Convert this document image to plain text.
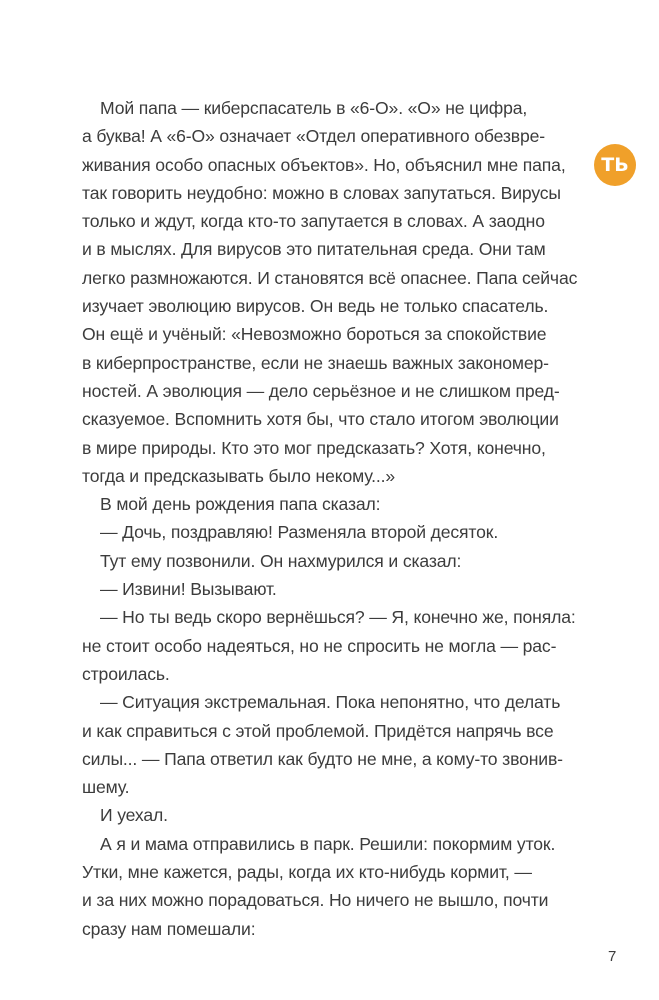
ТЬ
Мой папа — киберспасатель в «6-О». «О» не цифра,
а буква! А «6-О» означает «Отдел оперативного обезвре-
живания особо опасных объектов». Но, объяснил мне папа,
так говорить неудобно: можно в словах запутаться. Вирусы
только и ждут, когда кто-то запутается в словах. А заодно
и в мыслях. Для вирусов это питательная среда. Они там
легко размножаются. И становятся всё опаснее. Папа сейчас
изучает эволюцию вирусов. Он ведь не только спасатель.
Он ещё и учёный: «Невозможно бороться за спокойствие
в киберпространстве, если не знаешь важных закономер-
ностей. А эволюция — дело серьёзное и не слишком пред-
сказуемое. Вспомнить хотя бы, что стало итогом эволюции
в мире природы. Кто это мог предсказать? Хотя, конечно,
тогда и предсказывать было некому...»
В мой день рождения папа сказал:
— Дочь, поздравляю! Разменяла второй десяток.
Тут ему позвонили. Он нахмурился и сказал:
— Извини! Вызывают.
— Но ты ведь скоро вернёшься? — Я, конечно же, поняла:
не стоит особо надеяться, но не спросить не могла — рас-
строилась.
— Ситуация экстремальная. Пока непонятно, что делать
и как справиться с этой проблемой. Придётся напрячь все
силы... — Папа ответил как будто не мне, а кому-то звонив-
шему.
И уехал.
А я и мама отправились в парк. Решили: покормим уток.
Утки, мне кажется, рады, когда их кто-нибудь кормит, —
и за них можно порадоваться. Но ничего не вышло, почти
сразу нам помешали:
7
